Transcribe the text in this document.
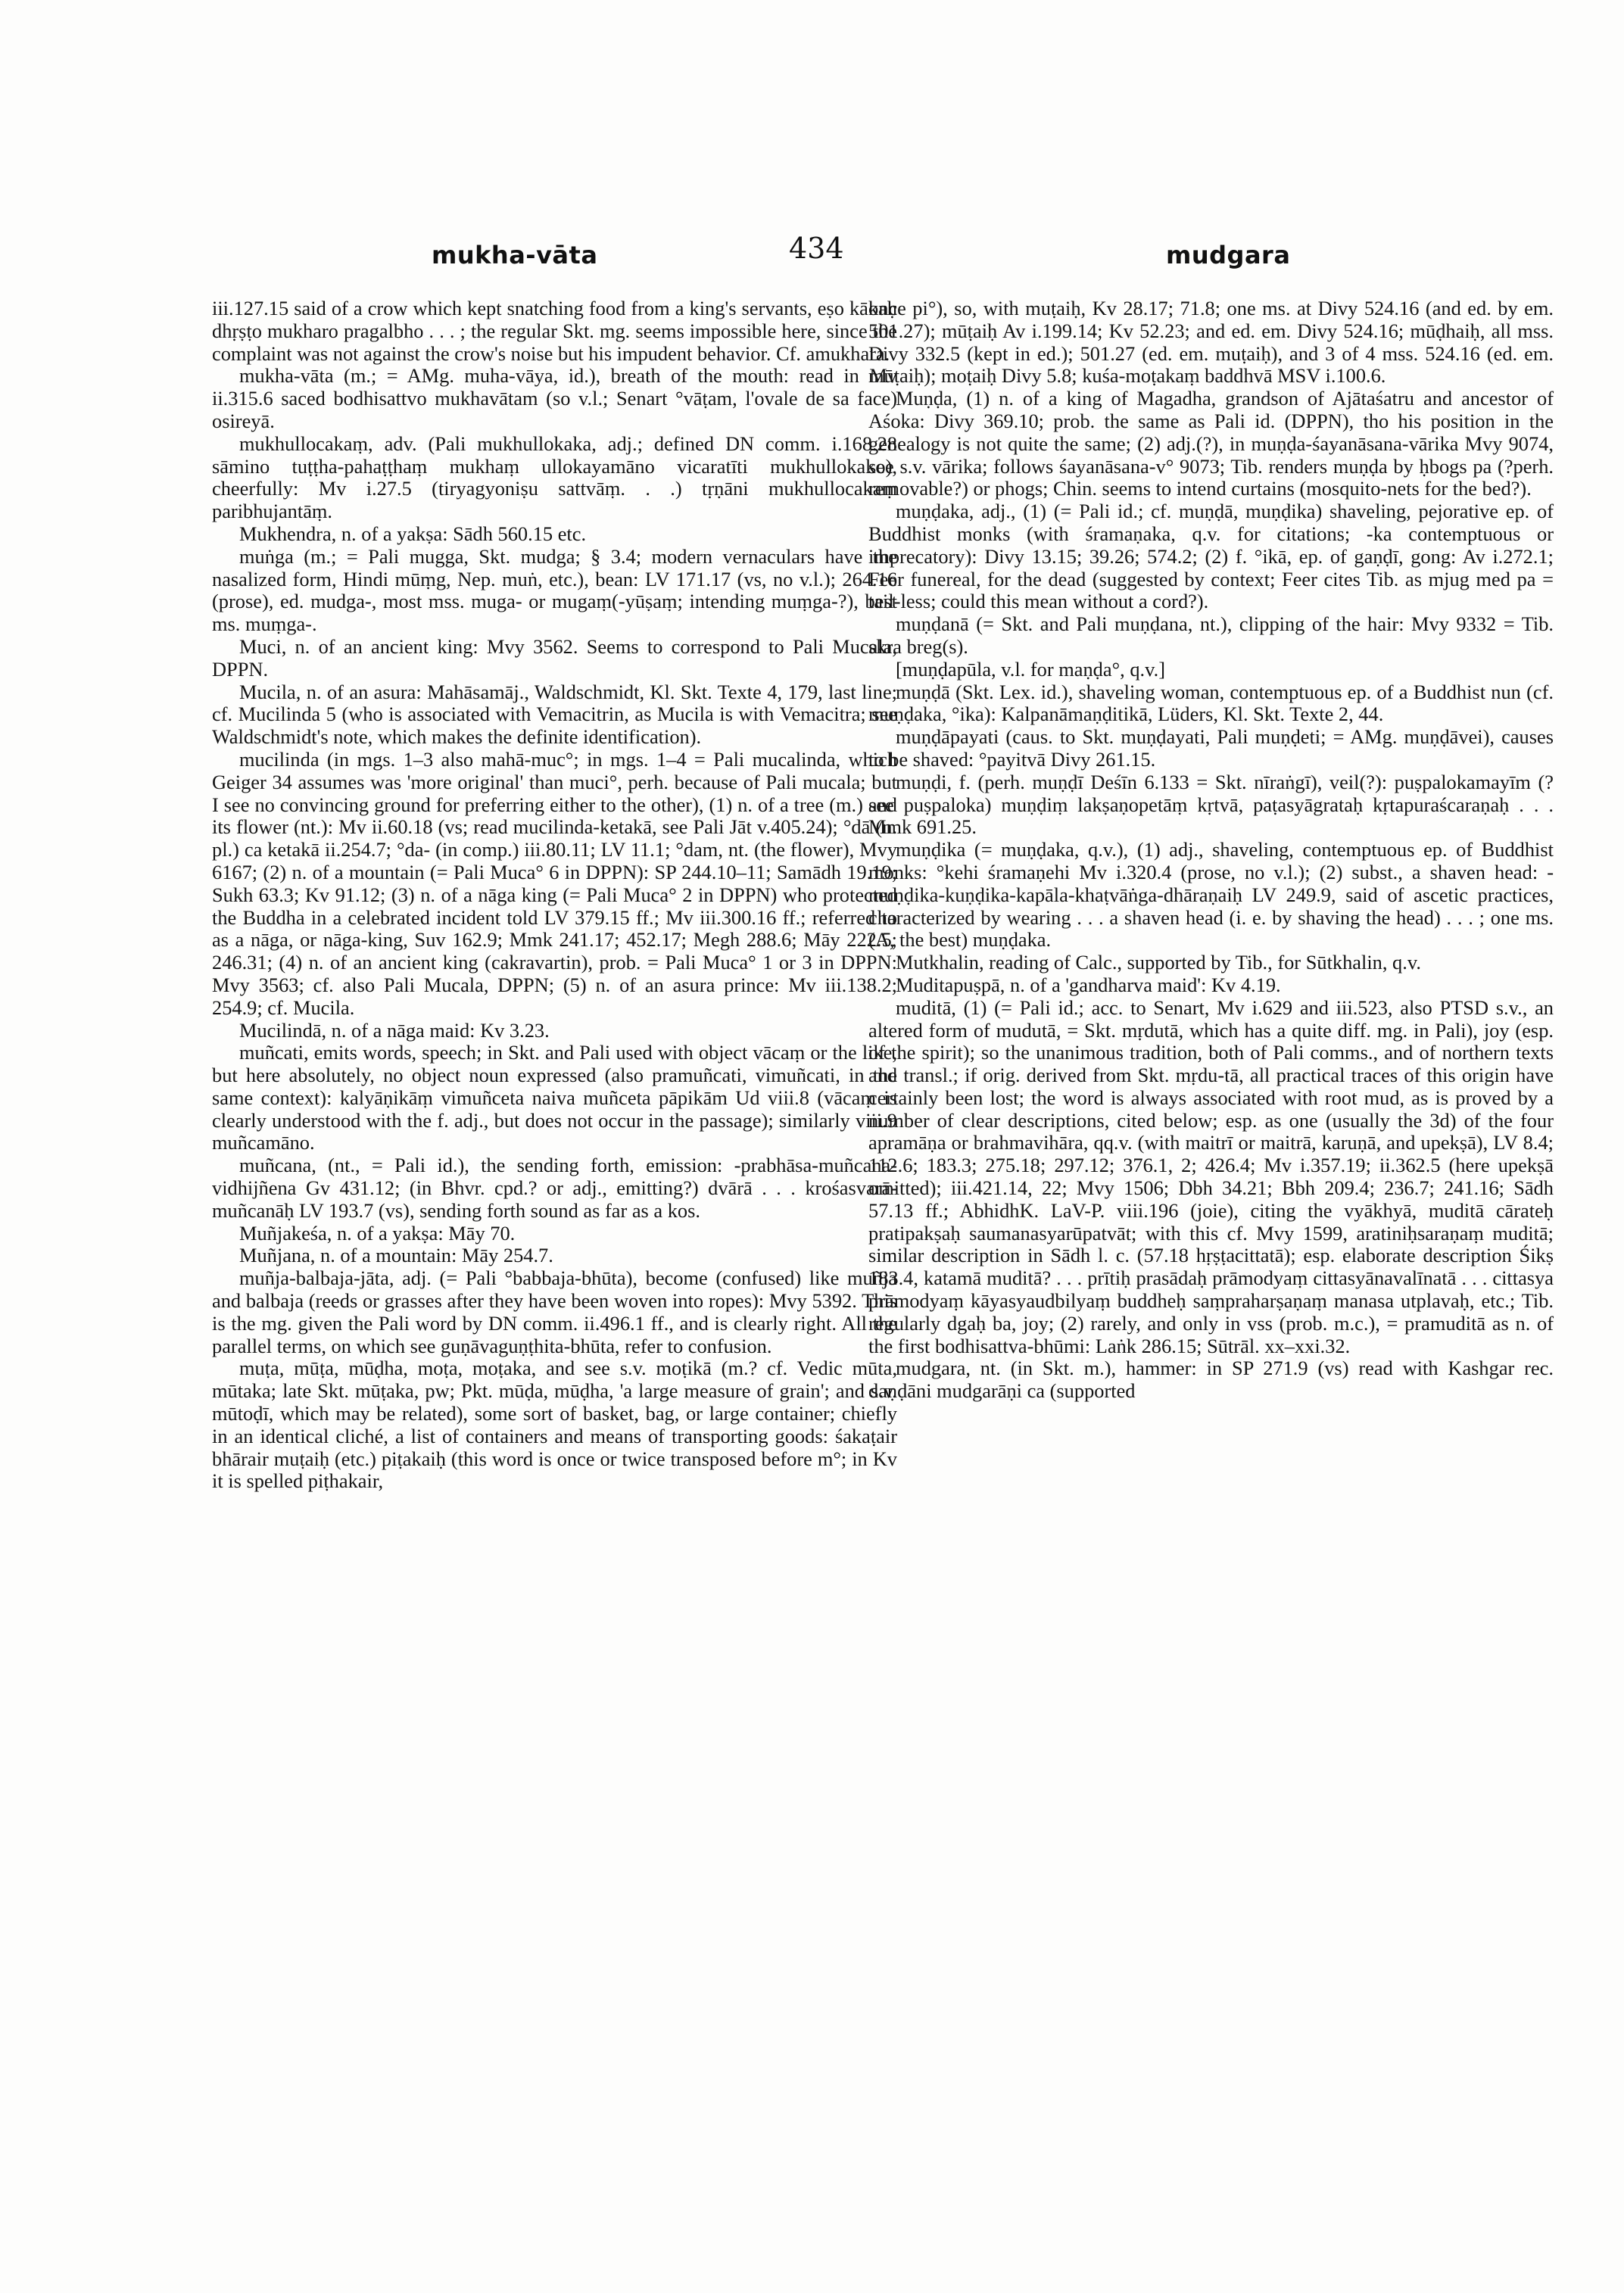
mukha-vāta	434	mudgara

iii.127.15 said of a crow which kept snatching food from a king's servants, eṣo kākaḥ dhṛṣṭo mukharo pragalbho . . . ; the regular Skt. mg. seems impossible here, since the complaint was not against the crow's noise but his impudent behavior. Cf. amukhara.

mukha-vāta (m.; = AMg. muha-vāya, id.), breath of the mouth: read in Mv ii.315.6 saced bodhisattvo mukhavātam (so v.l.; Senart °vāṭam, l'ovale de sa face) osireyā.

mukhullocakaṃ, adv. (Pali mukhullokaka, adj.; defined DN comm. i.168.28 sāmino tuṭṭha-pahaṭṭhaṃ mukhaṃ ullokayamāno vicaratīti mukhullokako), cheerfully: Mv i.27.5 (tiryagyoniṣu sattvāṃ. . .) tṛṇāni mukhullocakaṃ paribhujantāṃ.

Mukhendra, n. of a yakṣa: Sādh 560.15 etc.

muṅga (m.; = Pali mugga, Skt. mudga; § 3.4; modern vernaculars have the nasalized form, Hindi mūṃg, Nep. muṅ, etc.), bean: LV 171.17 (vs, no v.l.); 264.16 (prose), ed. mudga-, most mss. muga- or mugaṃ(-yūṣaṃ; intending muṃga-?), best ms. muṃga-.

Muci, n. of an ancient king: Mvy 3562. Seems to correspond to Pali Mucala, DPPN.

Mucila, n. of an asura: Mahāsamāj., Waldschmidt, Kl. Skt. Texte 4, 179, last line; cf. Mucilinda 5 (who is associated with Vemacitrin, as Mucila is with Vemacitra; see Waldschmidt's note, which makes the definite identification).

mucilinda (in mgs. 1–3 also mahā-muc°; in mgs. 1–4 = Pali mucalinda, which Geiger 34 assumes was 'more original' than muci°, perh. because of Pali mucala; but I see no convincing ground for preferring either to the other), (1) n. of a tree (m.) and its flower (nt.): Mv ii.60.18 (vs; read mucilinda-ketakā, see Pali Jāt v.405.24); °dā (n. pl.) ca ketakā ii.254.7; °da- (in comp.) iii.80.11; LV 11.1; °dam, nt. (the flower), Mvy 6167; (2) n. of a mountain (= Pali Muca° 6 in DPPN): SP 244.10–11; Samādh 19.19; Sukh 63.3; Kv 91.12; (3) n. of a nāga king (= Pali Muca° 2 in DPPN) who protected the Buddha in a celebrated incident told LV 379.15 ff.; Mv iii.300.16 ff.; referred to as a nāga, or nāga-king, Suv 162.9; Mmk 241.17; 452.17; Megh 288.6; Māy 222.5; 246.31; (4) n. of an ancient king (cakravartin), prob. = Pali Muca° 1 or 3 in DPPN: Mvy 3563; cf. also Pali Mucala, DPPN; (5) n. of an asura prince: Mv iii.138.2; 254.9; cf. Mucila.

Mucilindā, n. of a nāga maid: Kv 3.23.

muñcati, emits words, speech; in Skt. and Pali used with object vācaṃ or the like, but here absolutely, no object noun expressed (also pramuñcati, vimuñcati, in the same context): kalyāṇikāṃ vimuñceta naiva muñceta pāpikām Ud viii.8 (vācaṃ is clearly understood with the f. adj., but does not occur in the passage); similarly viii.9 muñcamāno.

muñcana, (nt., = Pali id.), the sending forth, emission: -prabhāsa-muñcana-vidhijñena Gv 431.12; (in Bhvr. cpd.? or adj., emitting?) dvārā . . . krośasvarā-muñcanāḥ LV 193.7 (vs), sending forth sound as far as a kos.

Muñjakeśa, n. of a yakṣa: Māy 70.

Muñjana, n. of a mountain: Māy 254.7.

muñja-balbaja-jāta, adj. (= Pali °babbaja-bhūta), become (confused) like muñja and balbaja (reeds or grasses after they have been woven into ropes): Mvy 5392. This is the mg. given the Pali word by DN comm. ii.496.1 ff., and is clearly right. All the parallel terms, on which see guṇāvaguṇṭhita-bhūta, refer to confusion.

muṭa, mūṭa, mūḍha, moṭa, moṭaka, and see s.v. moṭikā (m.? cf. Vedic mūta, mūtaka; late Skt. mūṭaka, pw; Pkt. mūḍa, mūḍha, 'a large measure of grain'; and s.v. mūtoḍī, which may be related), some sort of basket, bag, or large container; chiefly in an identical cliché, a list of containers and means of transporting goods: śakaṭair bhārair muṭaiḥ (etc.) piṭakaiḥ (this word is once or twice transposed before m°; in Kv it is spelled piṭhakair,

once pi°), so, with muṭaiḥ, Kv 28.17; 71.8; one ms. at Divy 524.16 (and ed. by em. 501.27); mūṭaiḥ Av i.199.14; Kv 52.23; and ed. em. Divy 524.16; mūḍhaiḥ, all mss. Divy 332.5 (kept in ed.); 501.27 (ed. em. muṭaiḥ), and 3 of 4 mss. 524.16 (ed. em. mūṭaiḥ); moṭaiḥ Divy 5.8; kuśa-moṭakaṃ baddhvā MSV i.100.6.

Muṇḍa, (1) n. of a king of Magadha, grandson of Ajātaśatru and ancestor of Aśoka: Divy 369.10; prob. the same as Pali id. (DPPN), tho his position in the genealogy is not quite the same; (2) adj.(?), in muṇḍa-śayanāsana-vārika Mvy 9074, see s.v. vārika; follows śayanāsana-v° 9073; Tib. renders muṇḍa by ḥbogs pa (?perh. removable?) or phogs; Chin. seems to intend curtains (mosquito-nets for the bed?).

muṇḍaka, adj., (1) (= Pali id.; cf. muṇḍā, muṇḍika) shaveling, pejorative ep. of Buddhist monks (with śramaṇaka, q.v. for citations; -ka contemptuous or imprecatory): Divy 13.15; 39.26; 574.2; (2) f. °ikā, ep. of gaṇḍī, gong: Av i.272.1; Feer funereal, for the dead (suggested by context; Feer cites Tib. as mjug med pa = tail-less; could this mean without a cord?).

muṇḍanā (= Skt. and Pali muṇḍana, nt.), clipping of the hair: Mvy 9332 = Tib. skra breg(s).

[muṇḍapūla, v.l. for maṇḍa°, q.v.]

muṇḍā (Skt. Lex. id.), shaveling woman, contemptuous ep. of a Buddhist nun (cf. muṇḍaka, °ika): Kalpanāmaṇḍitikā, Lüders, Kl. Skt. Texte 2, 44.

muṇḍāpayati (caus. to Skt. muṇḍayati, Pali muṇḍeti; = AMg. muṇḍāvei), causes to be shaved: °payitvā Divy 261.15.

muṇḍi, f. (perh. muṇḍī Deśīn 6.133 = Skt. nīraṅgī), veil(?): puṣpalokamayīm (? see puṣpaloka) muṇḍiṃ lakṣaṇopetāṃ kṛtvā, paṭasyāgrataḥ kṛtapuraścaraṇaḥ . . . Mmk 691.25.

muṇḍika (= muṇḍaka, q.v.), (1) adj., shaveling, contemptuous ep. of Buddhist monks: °kehi śramaṇehi Mv i.320.4 (prose, no v.l.); (2) subst., a shaven head: -muṇḍika-kuṇḍika-kapāla-khaṭvāṅga-dhāraṇaiḥ LV 249.9, said of ascetic practices, characterized by wearing . . . a shaven head (i. e. by shaving the head) . . . ; one ms. (A, the best) muṇḍaka.

Mutkhalin, reading of Calc., supported by Tib., for Sūtkhalin, q.v.

Muditapuṣpā, n. of a 'gandharva maid': Kv 4.19.

muditā, (1) (= Pali id.; acc. to Senart, Mv i.629 and iii.523, also PTSD s.v., an altered form of mudutā, = Skt. mṛdutā, which has a quite diff. mg. in Pali), joy (esp. of the spirit); so the unanimous tradition, both of Pali comms., and of northern texts and transl.; if orig. derived from Skt. mṛdu-tā, all practical traces of this origin have certainly been lost; the word is always associated with root mud, as is proved by a number of clear descriptions, cited below; esp. as one (usually the 3d) of the four apramāṇa or brahmavihāra, qq.v. (with maitrī or maitrā, karuṇā, and upekṣā), LV 8.4; 112.6; 183.3; 275.18; 297.12; 376.1, 2; 426.4; Mv i.357.19; ii.362.5 (here upekṣā omitted); iii.421.14, 22; Mvy 1506; Dbh 34.21; Bbh 209.4; 236.7; 241.16; Sādh 57.13 ff.; AbhidhK. LaV-P. viii.196 (joie), citing the vyākhyā, muditā cārateḥ pratipakṣaḥ saumanasyarūpatvāt; with this cf. Mvy 1599, aratiniḥsaraṇaṃ muditā; similar description in Sādh l. c. (57.18 hṛṣṭacittatā); esp. elaborate description Śikṣ 183.4, katamā muditā? . . . prītiḥ prasādaḥ prāmodyaṃ cittasyānavalīnatā . . . cittasya prāmodyaṃ kāyasyaudbilyaṃ buddheḥ saṃpraharṣaṇaṃ manasa utplavaḥ, etc.; Tib. regularly dgaḥ ba, joy; (2) rarely, and only in vss (prob. m.c.), = pramuditā as n. of the first bodhisattva-bhūmi: Laṅk 286.15; Sūtrāl. xx–xxi.32.

mudgara, nt. (in Skt. m.), hammer: in SP 271.9 (vs) read with Kashgar rec. daṇḍāni mudgarāṇi ca (supported
